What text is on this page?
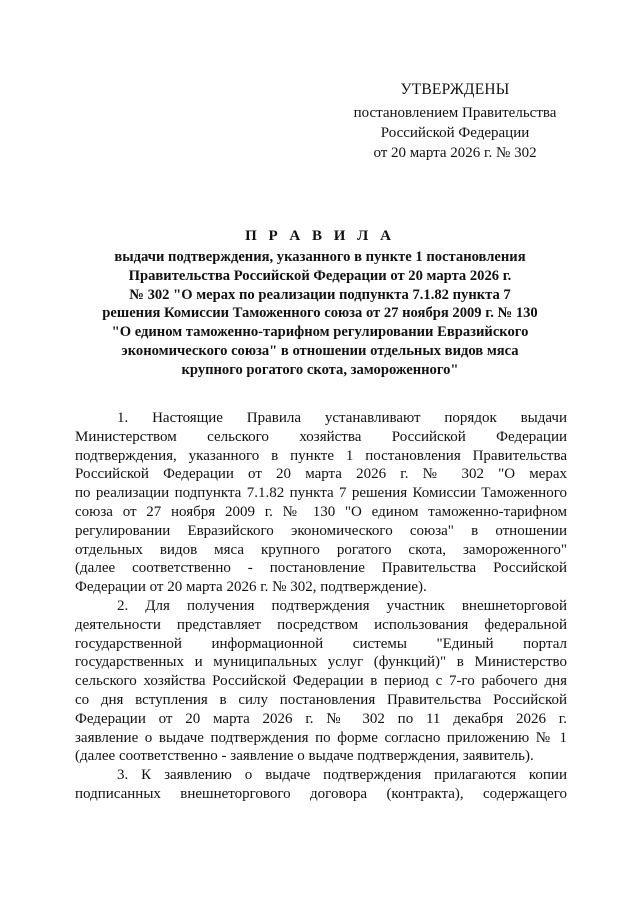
УТВЕРЖДЕНЫ
постановлением Правительства
Российской Федерации
от 20 марта 2026 г. № 302
П Р А В И Л А
выдачи подтверждения, указанного в пункте 1 постановления
Правительства Российской Федерации от 20 марта 2026 г.
№ 302 "О мерах по реализации подпункта 7.1.82 пункта 7
решения Комиссии Таможенного союза от 27 ноября 2009 г. № 130
"О едином таможенно-тарифном регулировании Евразийского
экономического союза" в отношении отдельных видов мяса
крупного рогатого скота, замороженного"
1. Настоящие Правила устанавливают порядок выдачи
Министерством сельского хозяйства Российской Федерации
подтверждения, указанного в пункте 1 постановления Правительства
Российской Федерации от 20 марта 2026 г. № 302 "О мерах
по реализации подпункта 7.1.82 пункта 7 решения Комиссии Таможенного
союза от 27 ноября 2009 г. № 130 "О едином таможенно-тарифном
регулировании Евразийского экономического союза" в отношении
отдельных видов мяса крупного рогатого скота, замороженного"
(далее соответственно - постановление Правительства Российской
Федерации от 20 марта 2026 г. № 302, подтверждение).
2. Для получения подтверждения участник внешнеторговой
деятельности представляет посредством использования федеральной
государственной информационной системы "Единый портал
государственных и муниципальных услуг (функций)" в Министерство
сельского хозяйства Российской Федерации в период с 7-го рабочего дня
со дня вступления в силу постановления Правительства Российской
Федерации от 20 марта 2026 г. № 302 по 11 декабря 2026 г.
заявление о выдаче подтверждения по форме согласно приложению № 1
(далее соответственно - заявление о выдаче подтверждения, заявитель).
3. К заявлению о выдаче подтверждения прилагаются копии
подписанных внешнеторгового договора (контракта), содержащего
